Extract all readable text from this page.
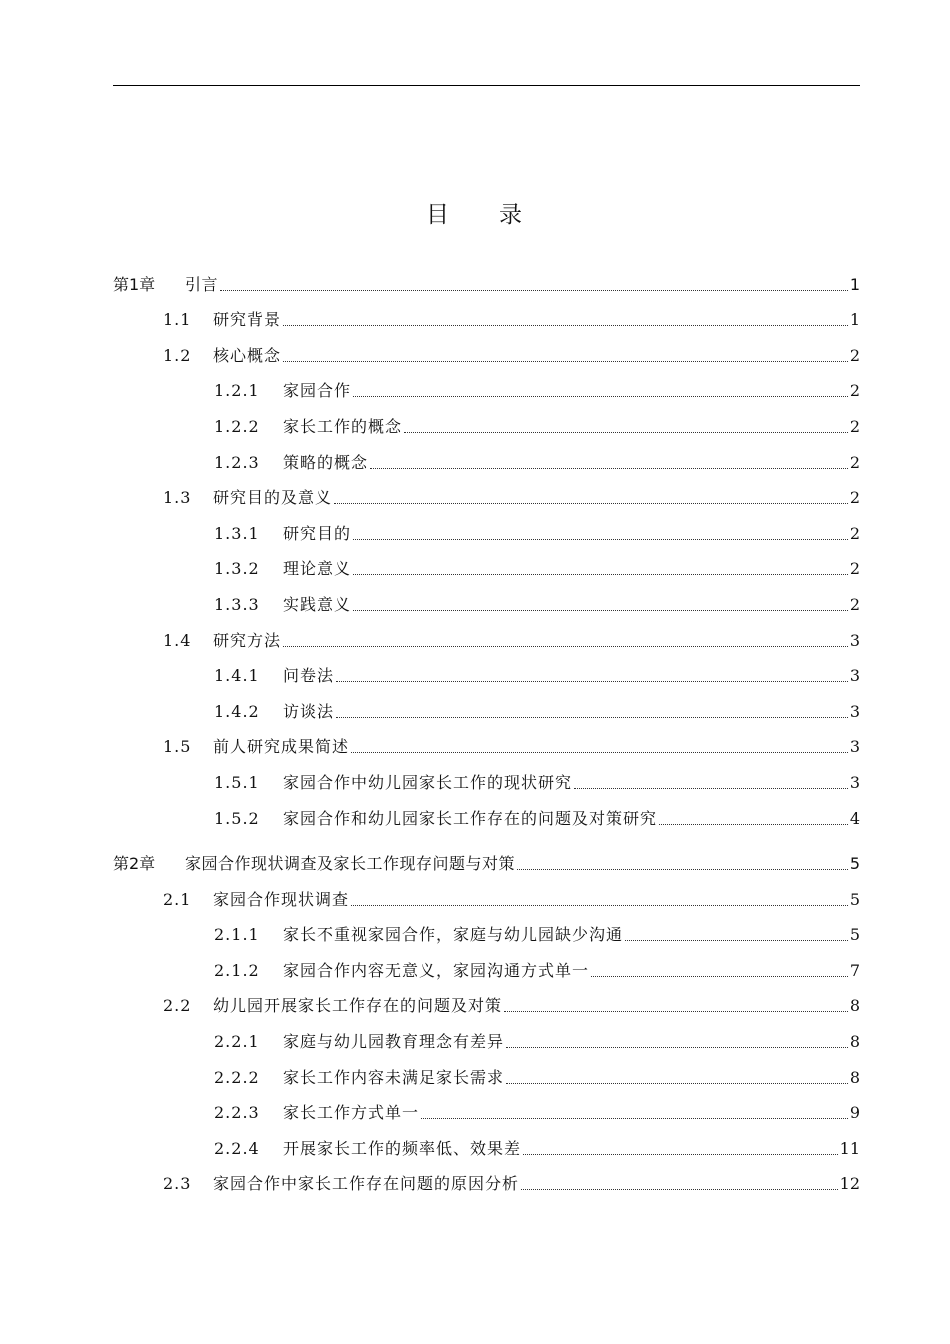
目 录
第1章	引言	1
1.1	研究背景	1
1.2	核心概念	2
1.2.1	家园合作	2
1.2.2	家长工作的概念	2
1.2.3	策略的概念	2
1.3	研究目的及意义	2
1.3.1	研究目的	2
1.3.2	理论意义	2
1.3.3	实践意义	2
1.4	研究方法	3
1.4.1	问卷法	3
1.4.2	访谈法	3
1.5	前人研究成果简述	3
1.5.1	家园合作中幼儿园家长工作的现状研究	3
1.5.2	家园合作和幼儿园家长工作存在的问题及对策研究	4
第2章	家园合作现状调查及家长工作现存问题与对策	5
2.1	家园合作现状调查	5
2.1.1	家长不重视家园合作，家庭与幼儿园缺少沟通	5
2.1.2	家园合作内容无意义，家园沟通方式单一	7
2.2	幼儿园开展家长工作存在的问题及对策	8
2.2.1	家庭与幼儿园教育理念有差异	8
2.2.2	家长工作内容未满足家长需求	8
2.2.3	家长工作方式单一	9
2.2.4	开展家长工作的频率低、效果差	11
2.3	家园合作中家长工作存在问题的原因分析	12
